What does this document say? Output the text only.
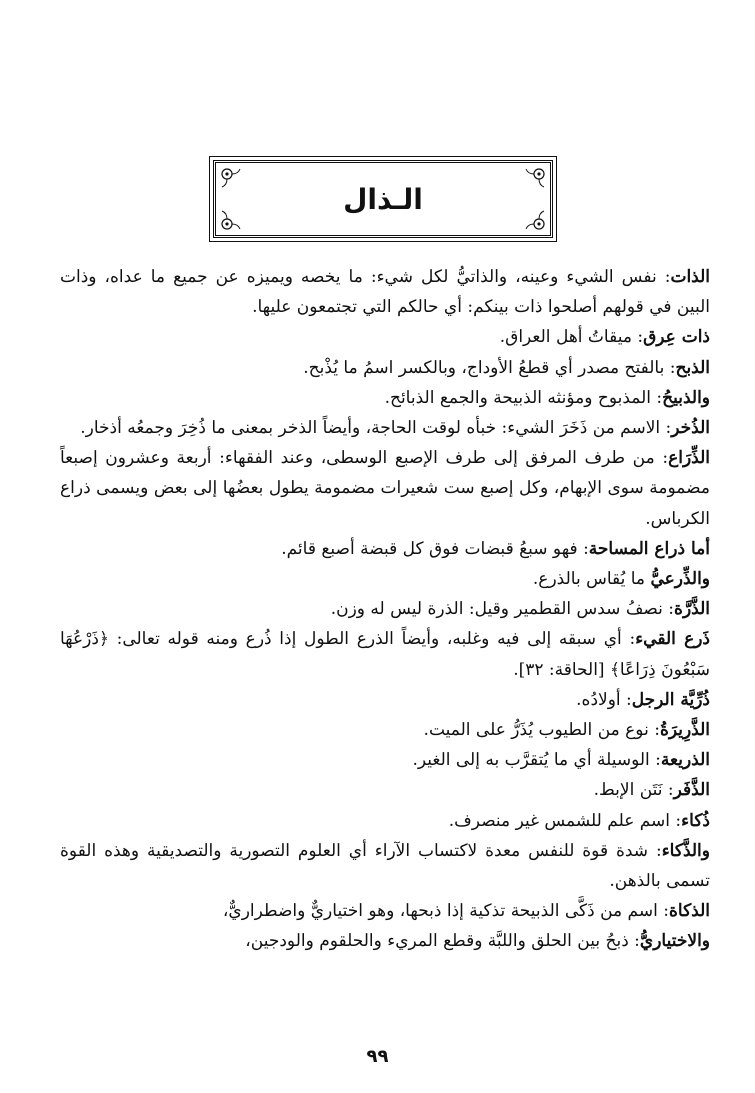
الـذال

الذات: نفس الشيء وعينه، والذاتيُّ لكل شيء: ما يخصه ويميزه عن جميع ما عداه، وذات البين في قولهم أصلحوا ذات بينكم: أي حالكم التي تجتمعون عليها.

ذات عِرق: ميقاتُ أهل العراق.

الذبح: بالفتح مصدر أي قطعُ الأوداج، وبالكسر اسمُ ما يُذْبح.

والذبيحُ: المذبوح ومؤنثه الذبيحة والجمع الذبائح.

الذُخر: الاسم من ذَخَرَ الشيء: خبأه لوقت الحاجة، وأيضاً الذخر بمعنى ما ذُخِرَ وجمعُه أذخار.

الذِّرَاع: من طرف المرفق إلى طرف الإصبع الوسطى، وعند الفقهاء: أربعة وعشرون إصبعاً مضمومة سوى الإبهام، وكل إصبع ست شعيرات مضمومة يطول بعضُها إلى بعض ويسمى ذراع الكرباس.

أما ذراع المساحة: فهو سبعُ قبضات فوق كل قبضة أصبع قائم.

والذِّرعيُّ ما يُقاس بالذرع.

الذَّرَّة: نصفُ سدس القطمير وقيل: الذرة ليس له وزن.

ذَرع القيء: أي سبقه إلى فيه وغلبه، وأيضاً الذرع الطول إذا ذُرع ومنه قوله تعالى: ﴿ذَرْعُهَا سَبْعُونَ ذِرَاعًا﴾ [الحاقة: ٣٢].

ذُرِّيَّة الرجل: أولادُه.

الذَّرِيرَةُ: نوع من الطيوب يُذَرُّ على الميت.

الذريعة: الوسيلة أي ما يُتقرَّب به إلى الغير.

الذَّفَر: نَتَن الإبط.

ذُكاء: اسم علم للشمس غير منصرف.

والذَّكاء: شدة قوة للنفس معدة لاكتساب الآراء أي العلوم التصورية والتصديقية وهذه القوة تسمى بالذهن.

الذكاة: اسم من ذَكَّى الذبيحة تذكية إذا ذبحها، وهو اختياريٌّ واضطراريٌّ،

والاختياريُّ: ذبحُ بين الحلق واللبَّة وقطع المريء والحلقوم والودجين،

٩٩
